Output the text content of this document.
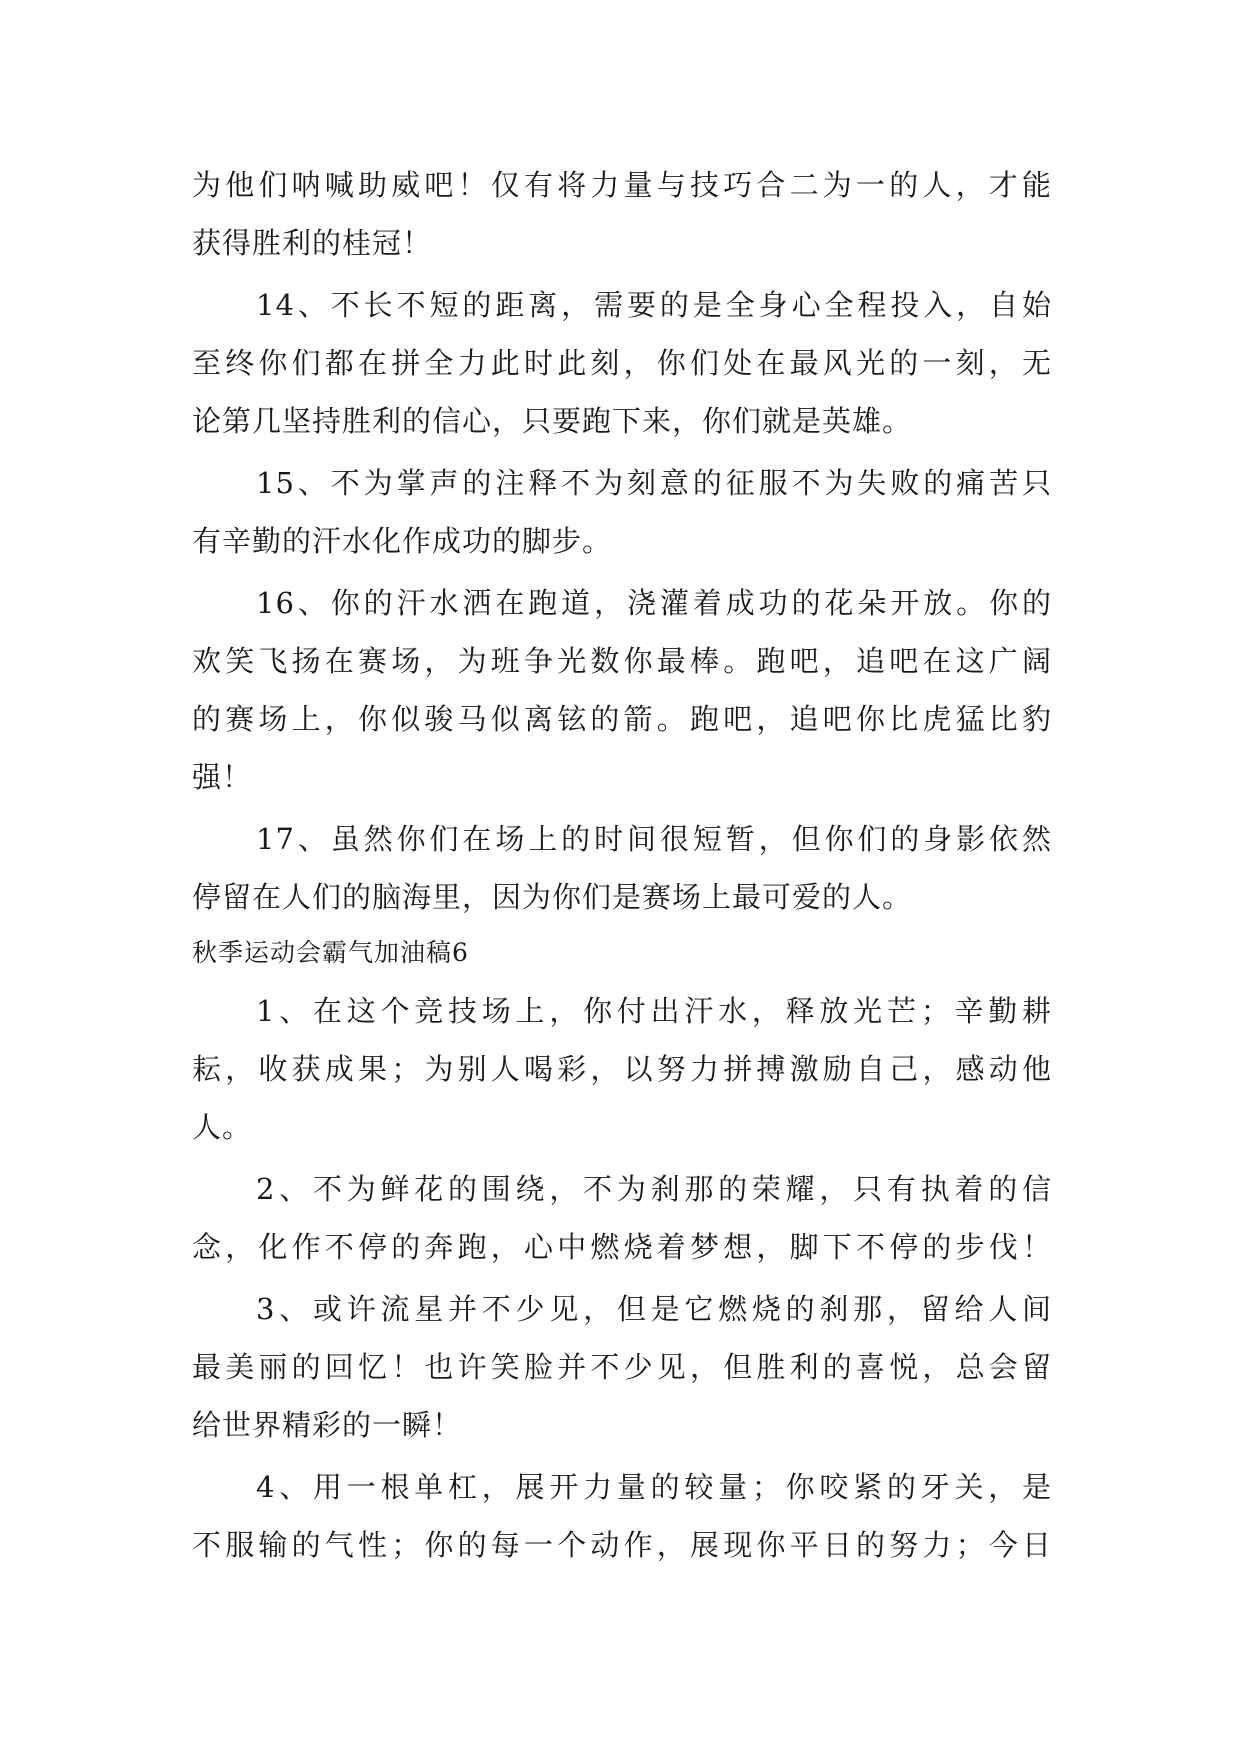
为他们呐喊助威吧！仅有将力量与技巧合二为一的人，才能
获得胜利的桂冠！
14、不长不短的距离，需要的是全身心全程投入，自始
至终你们都在拼全力此时此刻，你们处在最风光的一刻，无
论第几坚持胜利的信心，只要跑下来，你们就是英雄。
15、不为掌声的注释不为刻意的征服不为失败的痛苦只
有辛勤的汗水化作成功的脚步。
16、你的汗水洒在跑道，浇灌着成功的花朵开放。你的
欢笑飞扬在赛场，为班争光数你最棒。跑吧，追吧在这广阔
的赛场上，你似骏马似离铉的箭。跑吧，追吧你比虎猛比豹
强！
17、虽然你们在场上的时间很短暂，但你们的身影依然
停留在人们的脑海里，因为你们是赛场上最可爱的人。
秋季运动会霸气加油稿6
1、在这个竞技场上，你付出汗水，释放光芒；辛勤耕
耘，收获成果；为别人喝彩，以努力拼搏激励自己，感动他
人。
2、不为鲜花的围绕，不为刹那的荣耀，只有执着的信
念，化作不停的奔跑，心中燃烧着梦想，脚下不停的步伐！
3、或许流星并不少见，但是它燃烧的刹那，留给人间
最美丽的回忆！也许笑脸并不少见，但胜利的喜悦，总会留
给世界精彩的一瞬！
4、用一根单杠，展开力量的较量；你咬紧的牙关，是
不服输的气性；你的每一个动作，展现你平日的努力；今日
